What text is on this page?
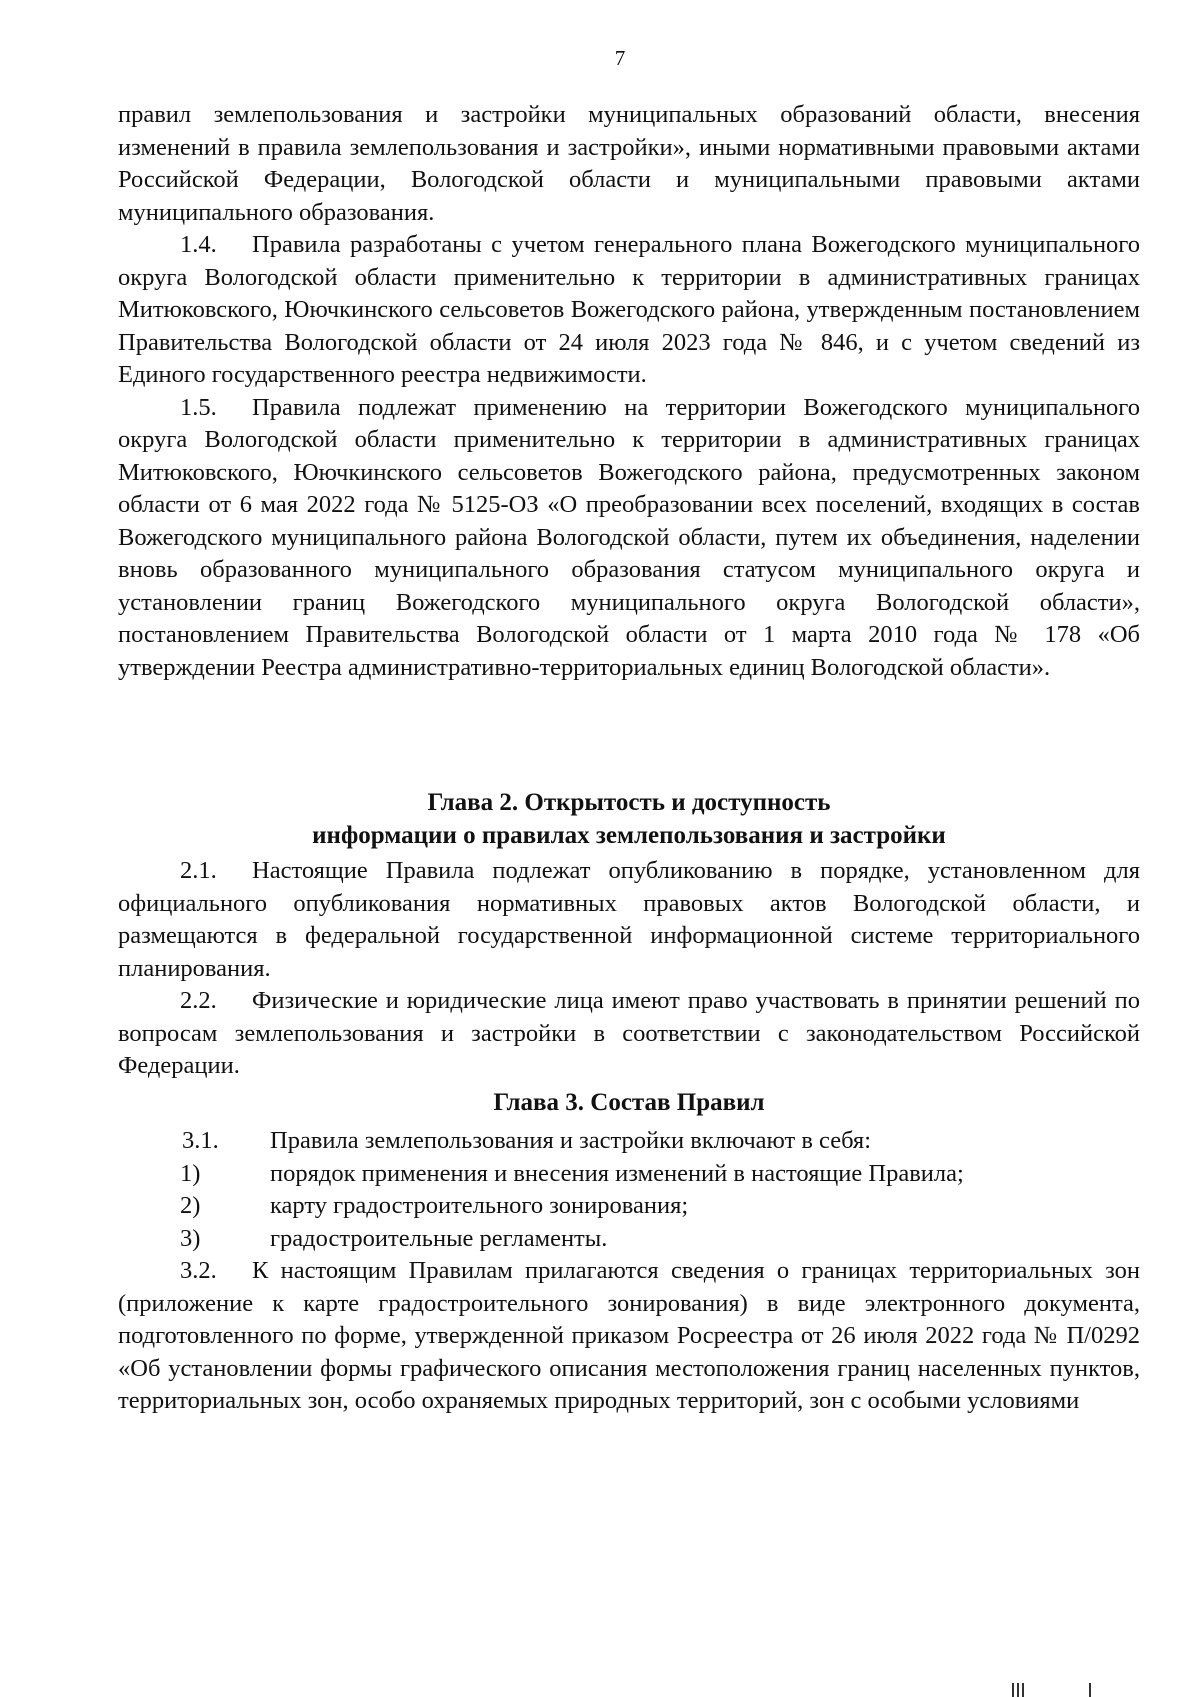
7

правил землепользования и застройки муниципальных образований области, внесения изменений в правила землепользования и застройки», иными нормативными правовыми актами Российской Федерации, Вологодской области и муниципальными правовыми актами муниципального образования.

1.4. Правила разработаны с учетом генерального плана Вожегодского муниципального округа Вологодской области применительно к территории в административных границах Митюковского, Юючкинского сельсоветов Вожегодского района, утвержденным постановлением Правительства Вологодской области от 24 июля 2023 года № 846, и с учетом сведений из Единого государственного реестра недвижимости.

1.5. Правила подлежат применению на территории Вожегодского муниципального округа Вологодской области применительно к территории в административных границах Митюковского, Юючкинского сельсоветов Вожегодского района, предусмотренных законом области от 6 мая 2022 года № 5125-ОЗ «О преобразовании всех поселений, входящих в состав Вожегодского муниципального района Вологодской области, путем их объединения, наделении вновь образованного муниципального образования статусом муниципального округа и установлении границ Вожегодского муниципального округа Вологодской области», постановлением Правительства Вологодской области от 1 марта 2010 года № 178 «Об утверждении Реестра административно-территориальных единиц Вологодской области».

Глава 2. Открытость и доступность
информации о правилах землепользования и застройки

2.1. Настоящие Правила подлежат опубликованию в порядке, установленном для официального опубликования нормативных правовых актов Вологодской области, и размещаются в федеральной государственной информационной системе территориального планирования.

2.2. Физические и юридические лица имеют право участвовать в принятии решений по вопросам землепользования и застройки в соответствии с законодательством Российской Федерации.

Глава 3. Состав Правил
3.1. Правила землепользования и застройки включают в себя:
1)	порядок применения и внесения изменений в настоящие Правила;
2)	карту градостроительного зонирования;
3)	градостроительные регламенты.

3.2. К настоящим Правилам прилагаются сведения о границах территориальных зон (приложение к карте градостроительного зонирования) в виде электронного документа, подготовленного по форме, утвержденной приказом Росреестра от 26 июля 2022 года № П/0292 «Об установлении формы графического описания местоположения границ населенных пунктов, территориальных зон, особо охраняемых природных территорий, зон с особыми условиями
